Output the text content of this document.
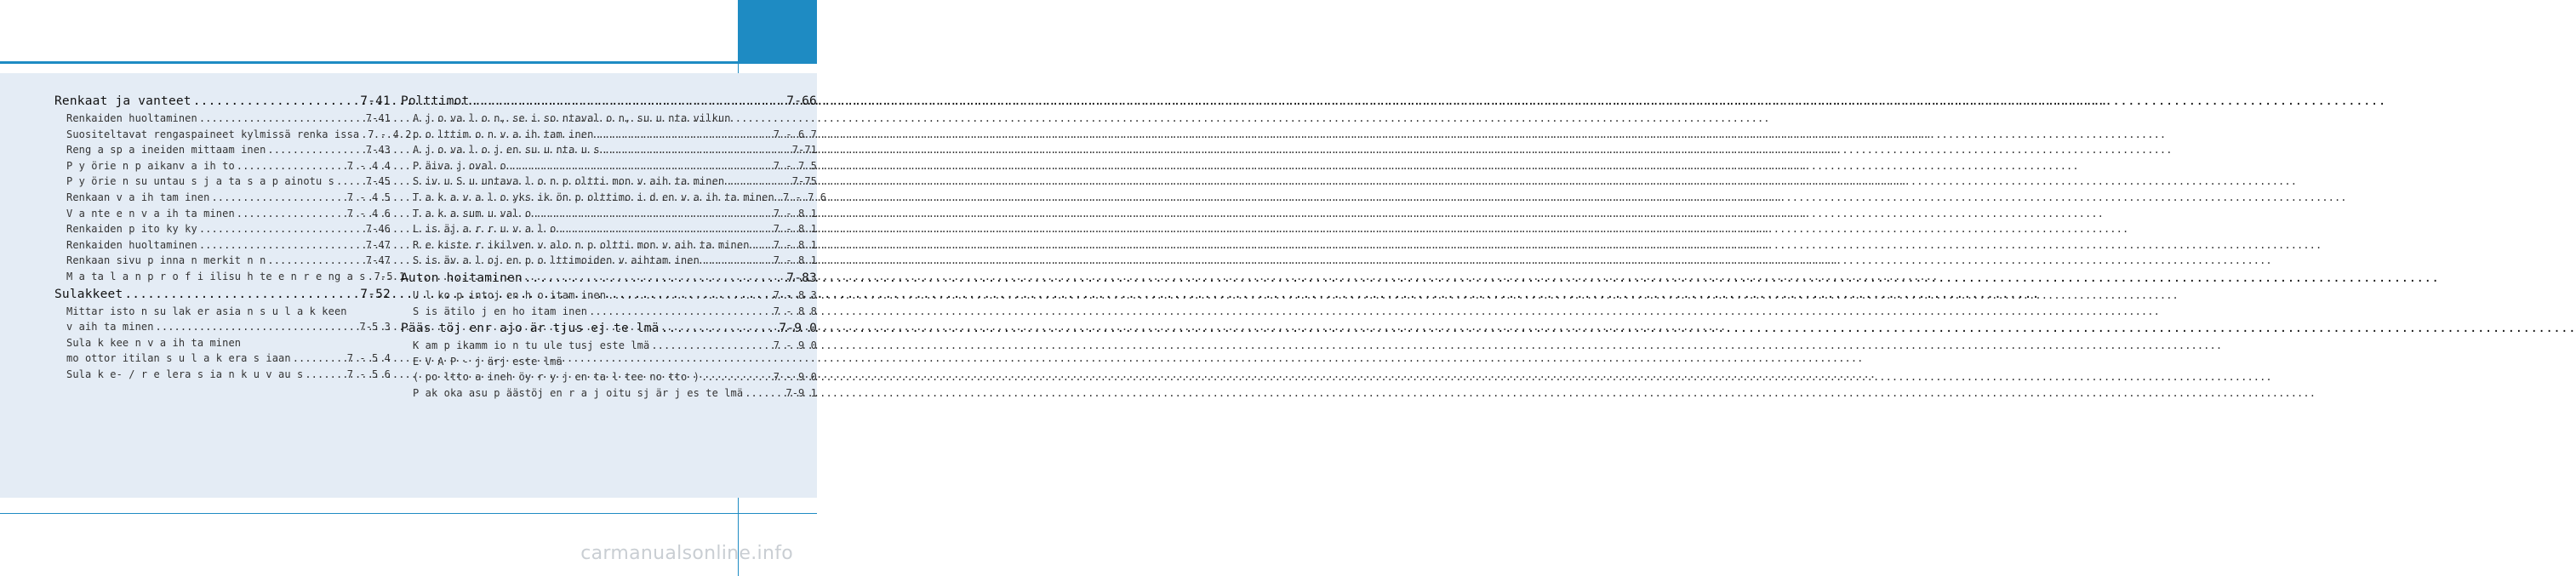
Renkaat ja vanteet .....	7-41
Renkaiden huoltaminen .....	7-41
Suositeltavat rengaspaineet kylmissä renka issa ..... 7 - 4 2
Reng a sp a ineiden mittaam inen .....	7-43
P y örie n p aikanv a ih to .....	7 - 4 4
P y örie n su untau s j a ta s a p ainotu s .....	7-45
Renkaan v a ih tam inen .....	7 - 4 5
V a nte e n v a ih ta minen .....	7 - 4 6
Renkaiden p ito ky ky .....	7-46
Renkaiden huoltaminen .....	7-47
Renkaan sivu p inna n merkit n n .....	7-47
M a ta l a n p r o f i ilisu h te e n r e ng a s ..... 7-5 1
Sulakkeet .....	7-52
Mittar isto n su lak er asia n s u l a k keen
v aih ta minen .....	7-5 3
Sula k kee n v a ih ta minen
mo ottor itilan s u l a k era s iaan .....	7 - 5 4
Sula k e- / r e lera s ia n k u v au s .....	7 - 5 6
Polttimot .....	7-66
A j o va l o n, se i so ntaval o n, su u nta vilkun
p o lttim o n v a ih tam inen .....	7 - 6 7
A j o va l o j en su u nta u s .....	7-71
P äiva j oval o .....	7 - 7 5
S iv u S u untava l o n p oltti mon v aih ta minen .....	7-75
T a k a v a l o yks ik ön p olttimo i d en v a ih ta minen ..... 7 - 7 6
T a k a sum u val o .....	7 - 8 1
L is äj a r r u v a l o .....	7 - 8 1
R e kiste r ikilven v alo n p oltti mon v aih ta minen ..... 7 - 8 1
S is äv a l oj en p o lttimoiden v aihtam inen .....	7 - 8 1
Auton hoitaminen .....	7-83
U l ko p intoj en h o itam inen .....	7 - 8 3
S is ätilo j en ho itam inen .....	7 - 8 8
Pääs töj enr ajo är tjus ej te lmä .....	7-9 0
K am p ikamm io n tu ule tusj este lmä .....	7 - 9 0
E V A P - j ärj este lmä
( po ltto a ineh öy r y j en ta l tee no tto ) .....	7 - 9 0
P ak oka asu p äästöj en r a j oitu sj är j es te lmä .....	7-9 1
carmanualsonline.info
